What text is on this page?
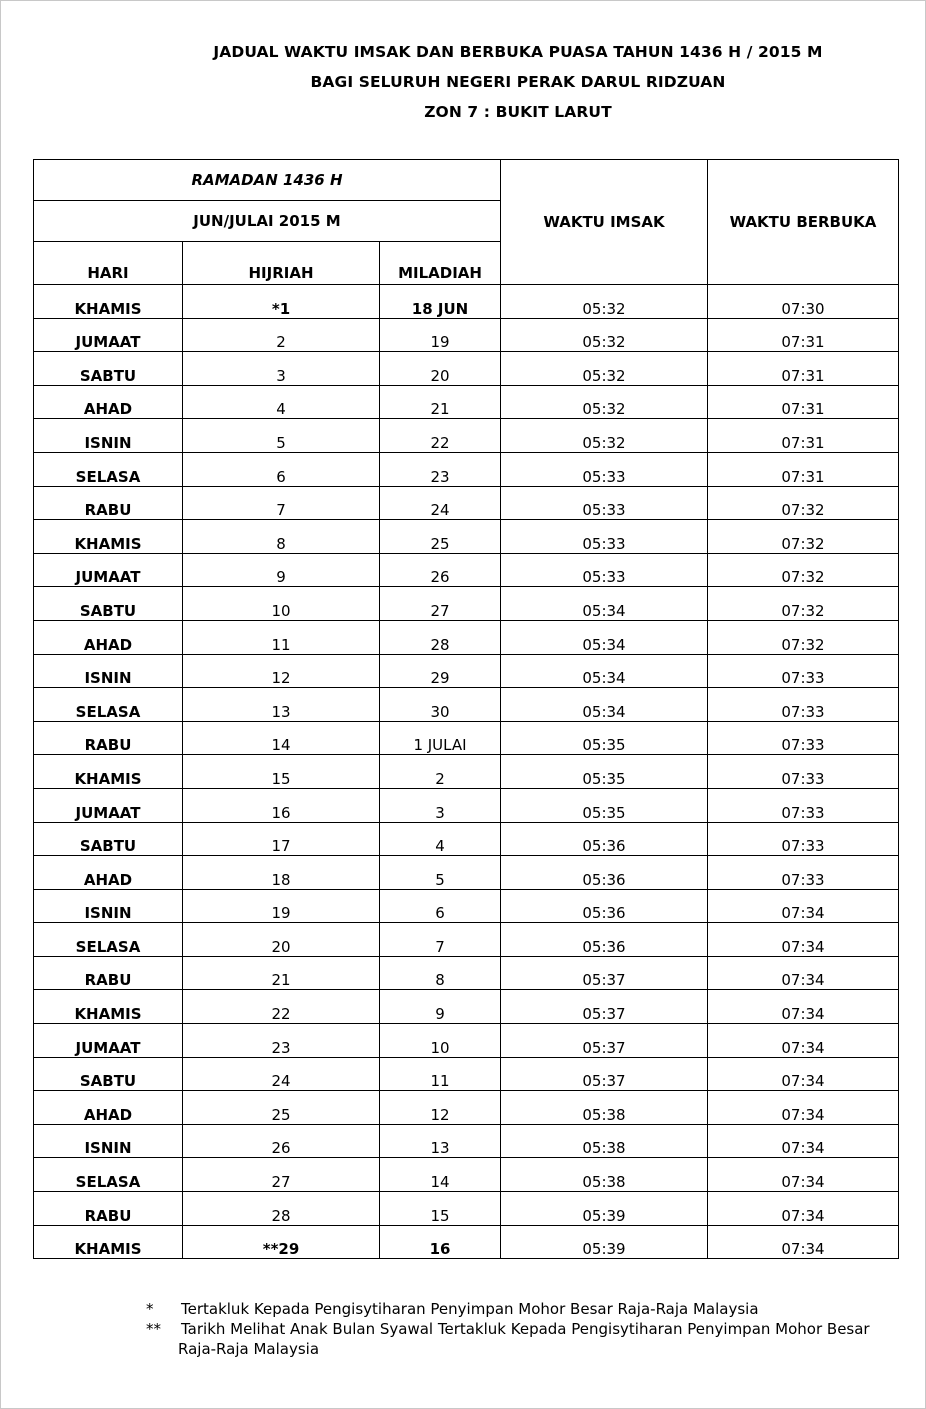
JADUAL WAKTU IMSAK DAN BERBUKA PUASA TAHUN 1436 H / 2015 M
BAGI SELURUH NEGERI PERAK DARUL RIDZUAN
ZON 7 : BUKIT LARUT
RAMADAN 1436 H			WAKTU IMSAK	WAKTU BERBUKA
JUN/JULAI 2015 M				
HARI	HIJRIAH	MILADIAH		
KHAMIS	*1	18 JUN	05:32	07:30
JUMAAT	2	19	05:32	07:31
SABTU	3	20	05:32	07:31
AHAD	4	21	05:32	07:31
ISNIN	5	22	05:32	07:31
SELASA	6	23	05:33	07:31
RABU	7	24	05:33	07:32
KHAMIS	8	25	05:33	07:32
JUMAAT	9	26	05:33	07:32
SABTU	10	27	05:34	07:32
AHAD	11	28	05:34	07:32
ISNIN	12	29	05:34	07:33
SELASA	13	30	05:34	07:33
RABU	14	1 JULAI	05:35	07:33
KHAMIS	15	2	05:35	07:33
JUMAAT	16	3	05:35	07:33
SABTU	17	4	05:36	07:33
AHAD	18	5	05:36	07:33
ISNIN	19	6	05:36	07:34
SELASA	20	7	05:36	07:34
RABU	21	8	05:37	07:34
KHAMIS	22	9	05:37	07:34
JUMAAT	23	10	05:37	07:34
SABTU	24	11	05:37	07:34
AHAD	25	12	05:38	07:34
ISNIN	26	13	05:38	07:34
SELASA	27	14	05:38	07:34
RABU	28	15	05:39	07:34
KHAMIS	**29	16	05:39	07:34
*	Tertakluk Kepada Pengisytiharan Penyimpan Mohor Besar Raja-Raja Malaysia
**	Tarikh Melihat Anak Bulan Syawal Tertakluk Kepada Pengisytiharan Penyimpan Mohor Besar
Raja-Raja Malaysia
